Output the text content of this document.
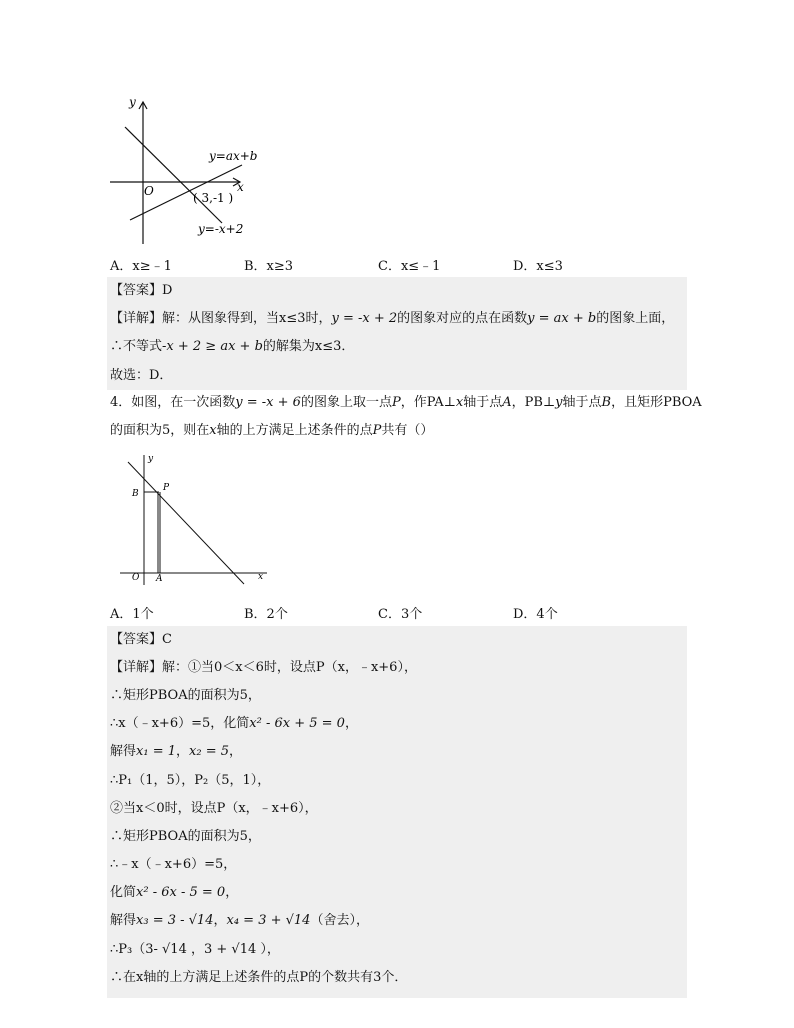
y
x
O
y=ax+b
y=-x+2
( 3,-1 )
A．x≥﹣1	B．x≥3	C．x≤﹣1	D．x≤3
【答案】D
【详解】解：从图象得到，当x≤3时，y = -x + 2的图象对应的点在函数y = ax + b的图象上面，
∴不等式-x + 2 ≥ ax + b的解集为x≤3．
故选：D．
4．如图，在一次函数y = -x + 6的图象上取一点P，作PA⊥x轴于点A，PB⊥y轴于点B，且矩形PBOA
的面积为5，则在x轴的上方满足上述条件的点P共有（）
y
x
B
P
O A
A．1个	B．2个	C．3个	D．4个
【答案】C
【详解】解：①当0＜x＜6时，设点P（x，﹣x+6），
∴矩形PBOA的面积为5，
∴x（﹣x+6）=5，化简x² - 6x + 5 = 0，
解得x₁ = 1，x₂ = 5，
∴P₁（1，5），P₂（5，1），
②当x＜0时，设点P（x，﹣x+6），
∴矩形PBOA的面积为5，
∴﹣x（﹣x+6）=5，
化简x² - 6x - 5 = 0，
解得x₃ = 3 - √14，x₄ = 3 + √14（舍去），
∴P₃（3- √14 ，3 + √14 ），
∴在x轴的上方满足上述条件的点P的个数共有3个．
